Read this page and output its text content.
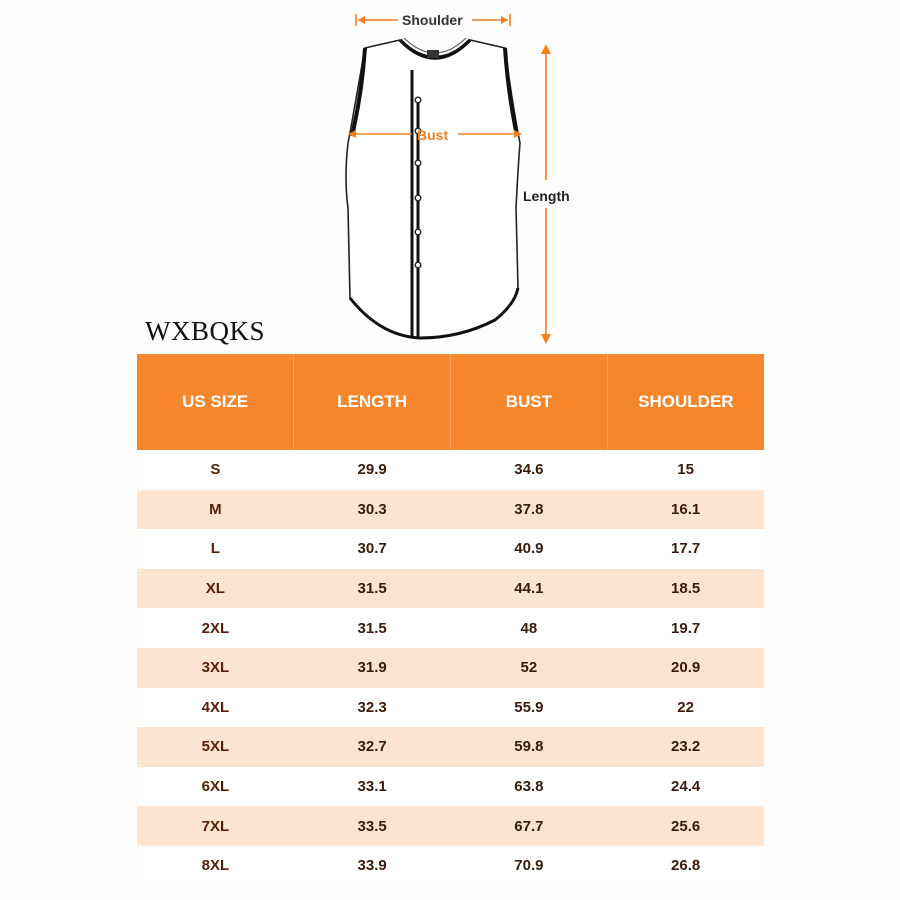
Shoulder
Bust
Length
WXBQKS
US SIZE	LENGTH	BUST	SHOULDER
S	29.9	34.6	15
M	30.3	37.8	16.1
L	30.7	40.9	17.7
XL	31.5	44.1	18.5
2XL	31.5	48	19.7
3XL	31.9	52	20.9
4XL	32.3	55.9	22
5XL	32.7	59.8	23.2
6XL	33.1	63.8	24.4
7XL	33.5	67.7	25.6
8XL	33.9	70.9	26.8
